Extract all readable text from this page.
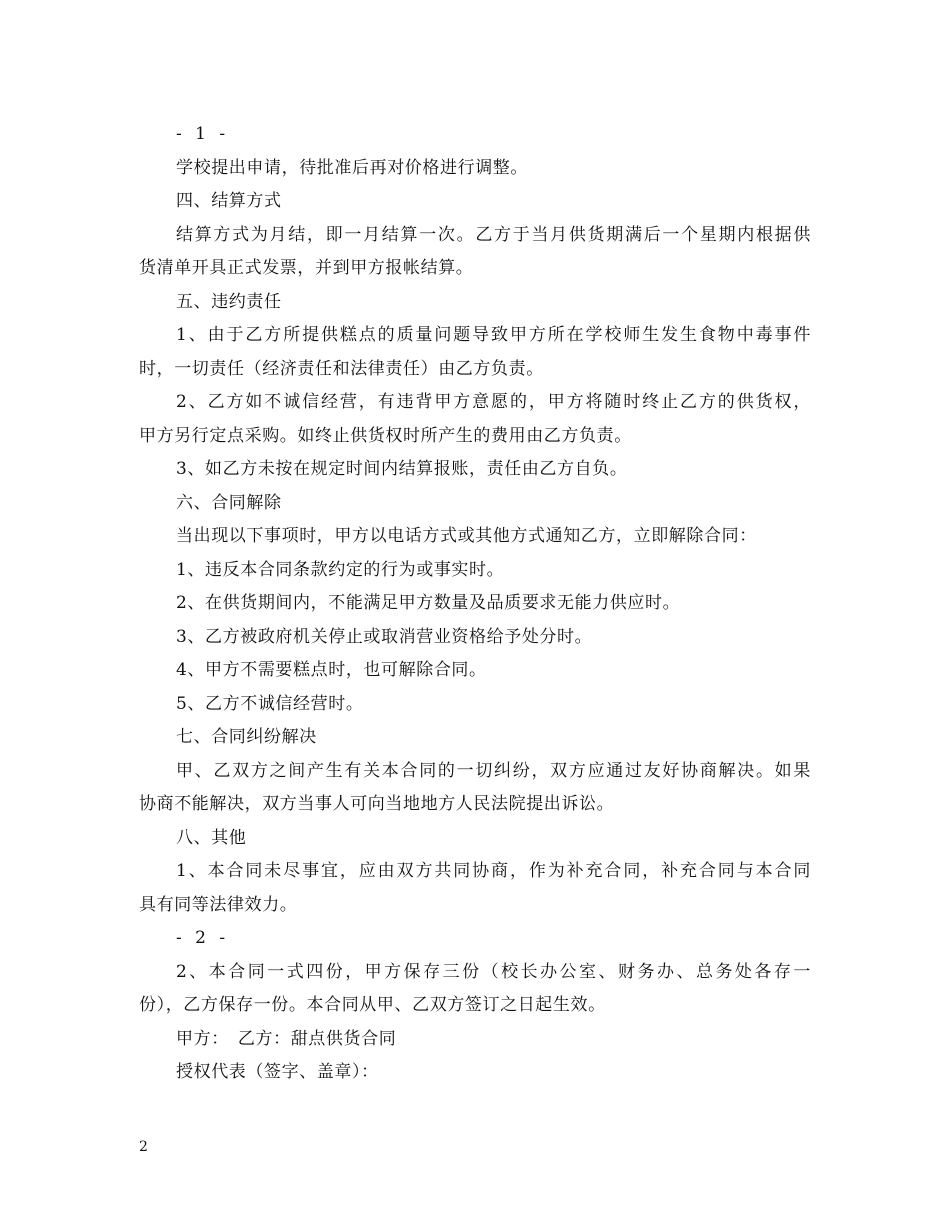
- 1 -
学校提出申请，待批准后再对价格进行调整。
四、结算方式
结算方式为月结，即一月结算一次。乙方于当月供货期满后一个星期内根据供
货清单开具正式发票，并到甲方报帐结算。
五、违约责任
1、由于乙方所提供糕点的质量问题导致甲方所在学校师生发生食物中毒事件
时，一切责任（经济责任和法律责任）由乙方负责。
2、乙方如不诚信经营，有违背甲方意愿的，甲方将随时终止乙方的供货权，
甲方另行定点采购。如终止供货权时所产生的费用由乙方负责。
3、如乙方未按在规定时间内结算报账，责任由乙方自负。
六、合同解除
当出现以下事项时，甲方以电话方式或其他方式通知乙方，立即解除合同：
1、违反本合同条款约定的行为或事实时。
2、在供货期间内，不能满足甲方数量及品质要求无能力供应时。
3、乙方被政府机关停止或取消营业资格给予处分时。
4、甲方不需要糕点时，也可解除合同。
5、乙方不诚信经营时。
七、合同纠纷解决
甲、乙双方之间产生有关本合同的一切纠纷，双方应通过友好协商解决。如果
协商不能解决，双方当事人可向当地地方人民法院提出诉讼。
八、其他
1、本合同未尽事宜，应由双方共同协商，作为补充合同，补充合同与本合同
具有同等法律效力。
- 2 -
2、本合同一式四份，甲方保存三份（校长办公室、财务办、总务处各存一
份），乙方保存一份。本合同从甲、乙双方签订之日起生效。
甲方：　乙方：甜点供货合同
授权代表（签字、盖章）：
2
